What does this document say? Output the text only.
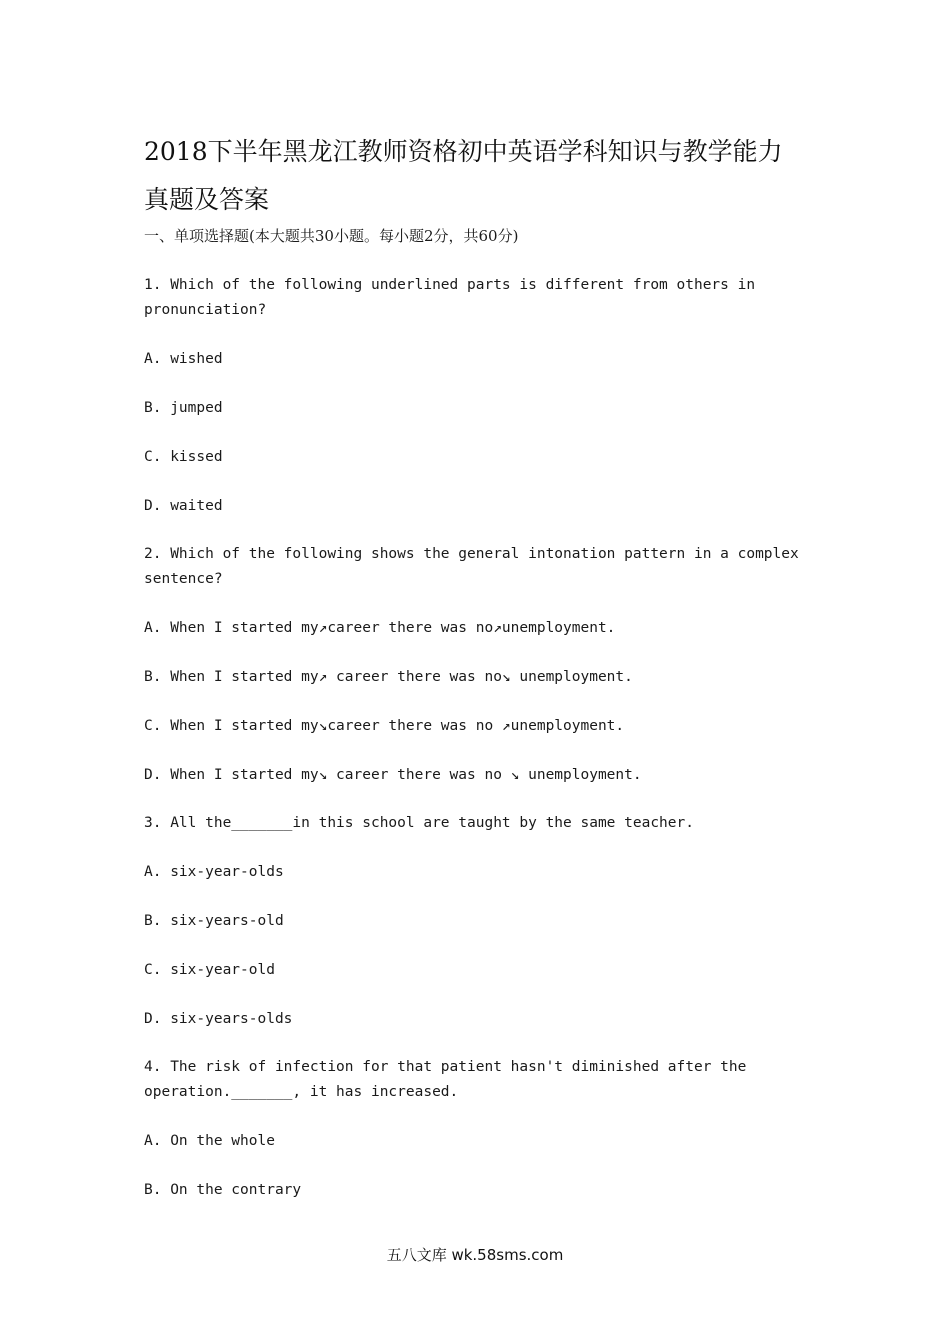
2018下半年黑龙江教师资格初中英语学科知识与教学能力
真题及答案
一、单项选择题(本大题共30小题。每小题2分，共60分)
1. Which of the following underlined parts is different from others in
pronunciation?
A. wished
B. jumped
C. kissed
D. waited
2. Which of the following shows the general intonation pattern in a complex
sentence?
A. When I started my↗career there was no↗unemployment.
B. When I started my↗ career there was no↘ unemployment.
C. When I started my↘career there was no ↗unemployment.
D. When I started my↘ career there was no ↘ unemployment.
3. All the_______in this school are taught by the same teacher.
A. six-year-olds
B. six-years-old
C. six-year-old
D. six-years-olds
4. The risk of infection for that patient hasn't diminished after the
operation._______, it has increased.
A. On the whole
B. On the contrary
五八文库 wk.58sms.com
